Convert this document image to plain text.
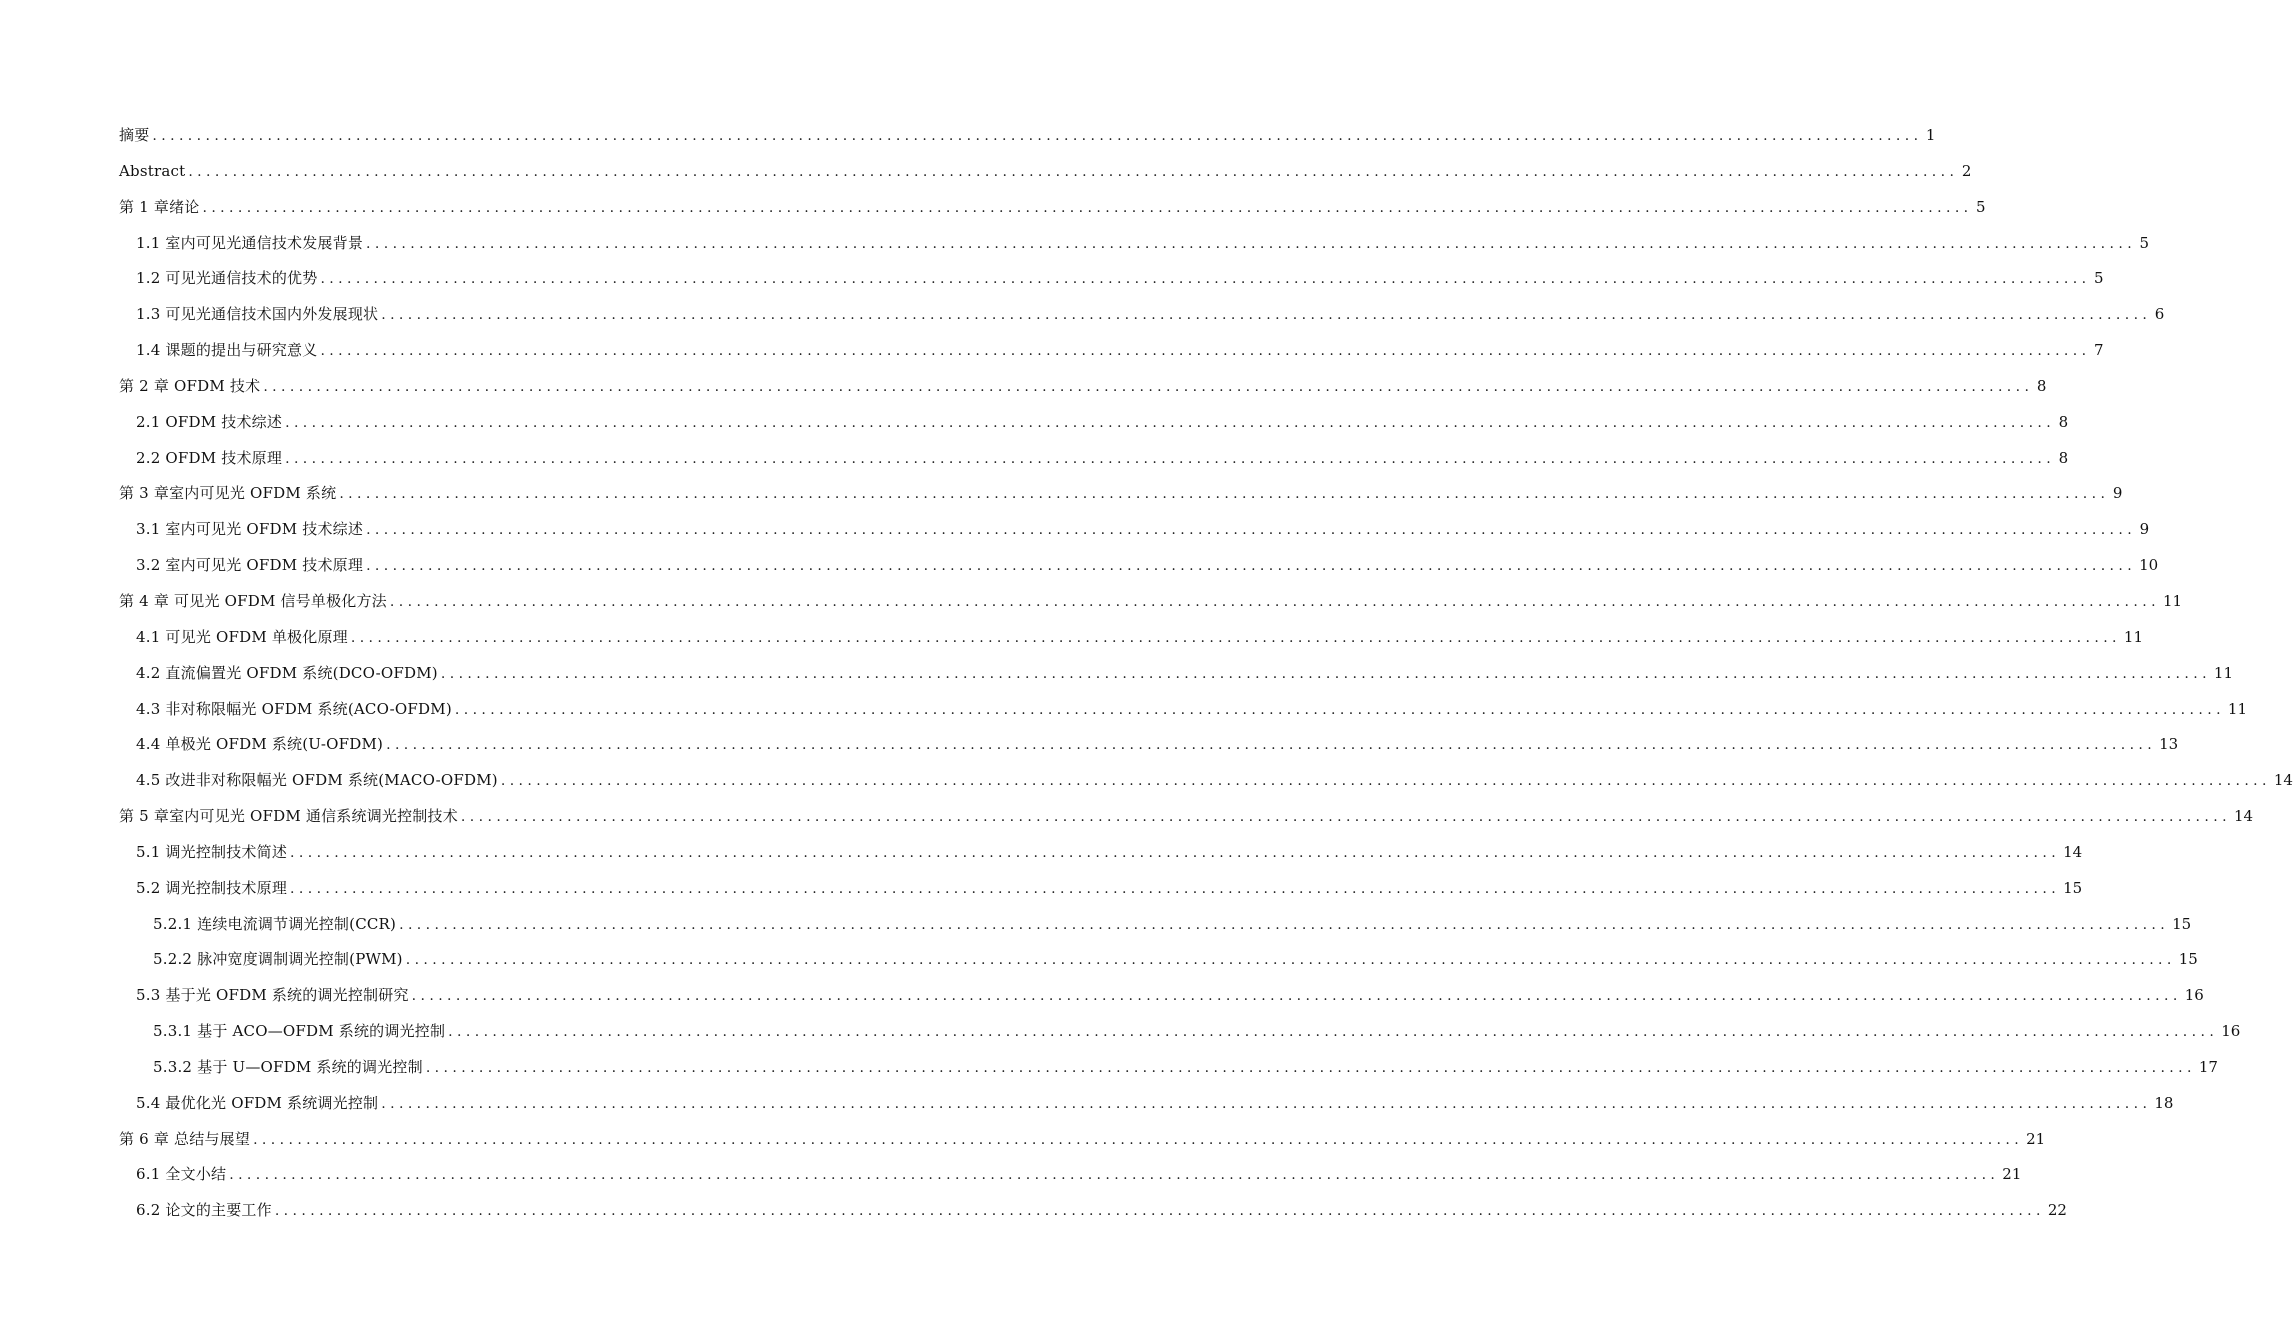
摘要 ........................................................................................................................................................................................................ 1
Abstract ........................................................................................................................................................................................................ 2
第 1 章绪论 ........................................................................................................................................................................................................ 5
1.1 室内可见光通信技术发展背景 ........................................................................................................................................................................................................ 5
1.2 可见光通信技术的优势 ........................................................................................................................................................................................................ 5
1.3 可见光通信技术国内外发展现状 ........................................................................................................................................................................................................ 6
1.4 课题的提出与研究意义 ........................................................................................................................................................................................................ 7
第 2 章 OFDM 技术 ........................................................................................................................................................................................................ 8
2.1 OFDM 技术综述 ........................................................................................................................................................................................................ 8
2.2 OFDM 技术原理 ........................................................................................................................................................................................................ 8
第 3 章室内可见光 OFDM 系统 ........................................................................................................................................................................................................ 9
3.1 室内可见光 OFDM 技术综述 ........................................................................................................................................................................................................ 9
3.2 室内可见光 OFDM 技术原理 ........................................................................................................................................................................................................ 10
第 4 章 可见光 OFDM 信号单极化方法 ........................................................................................................................................................................................................ 11
4.1 可见光 OFDM 单极化原理 ........................................................................................................................................................................................................ 11
4.2 直流偏置光 OFDM 系统(DCO-OFDM) ........................................................................................................................................................................................................ 11
4.3 非对称限幅光 OFDM 系统(ACO-OFDM) ........................................................................................................................................................................................................ 11
4.4 单极光 OFDM 系统(U-OFDM) ........................................................................................................................................................................................................ 13
4.5 改进非对称限幅光 OFDM 系统(MACO-OFDM) ........................................................................................................................................................................................................ 14
第 5 章室内可见光 OFDM 通信系统调光控制技术 ........................................................................................................................................................................................................ 14
5.1 调光控制技术简述 ........................................................................................................................................................................................................ 14
5.2 调光控制技术原理 ........................................................................................................................................................................................................ 15
5.2.1 连续电流调节调光控制(CCR) ........................................................................................................................................................................................................ 15
5.2.2 脉冲宽度调制调光控制(PWM) ........................................................................................................................................................................................................ 15
5.3 基于光 OFDM 系统的调光控制研究 ........................................................................................................................................................................................................ 16
5.3.1 基于 ACO—OFDM 系统的调光控制 ........................................................................................................................................................................................................ 16
5.3.2 基于 U—OFDM 系统的调光控制 ........................................................................................................................................................................................................ 17
5.4 最优化光 OFDM 系统调光控制 ........................................................................................................................................................................................................ 18
第 6 章 总结与展望 ........................................................................................................................................................................................................ 21
6.1 全文小结 ........................................................................................................................................................................................................ 21
6.2 论文的主要工作 ........................................................................................................................................................................................................ 22
